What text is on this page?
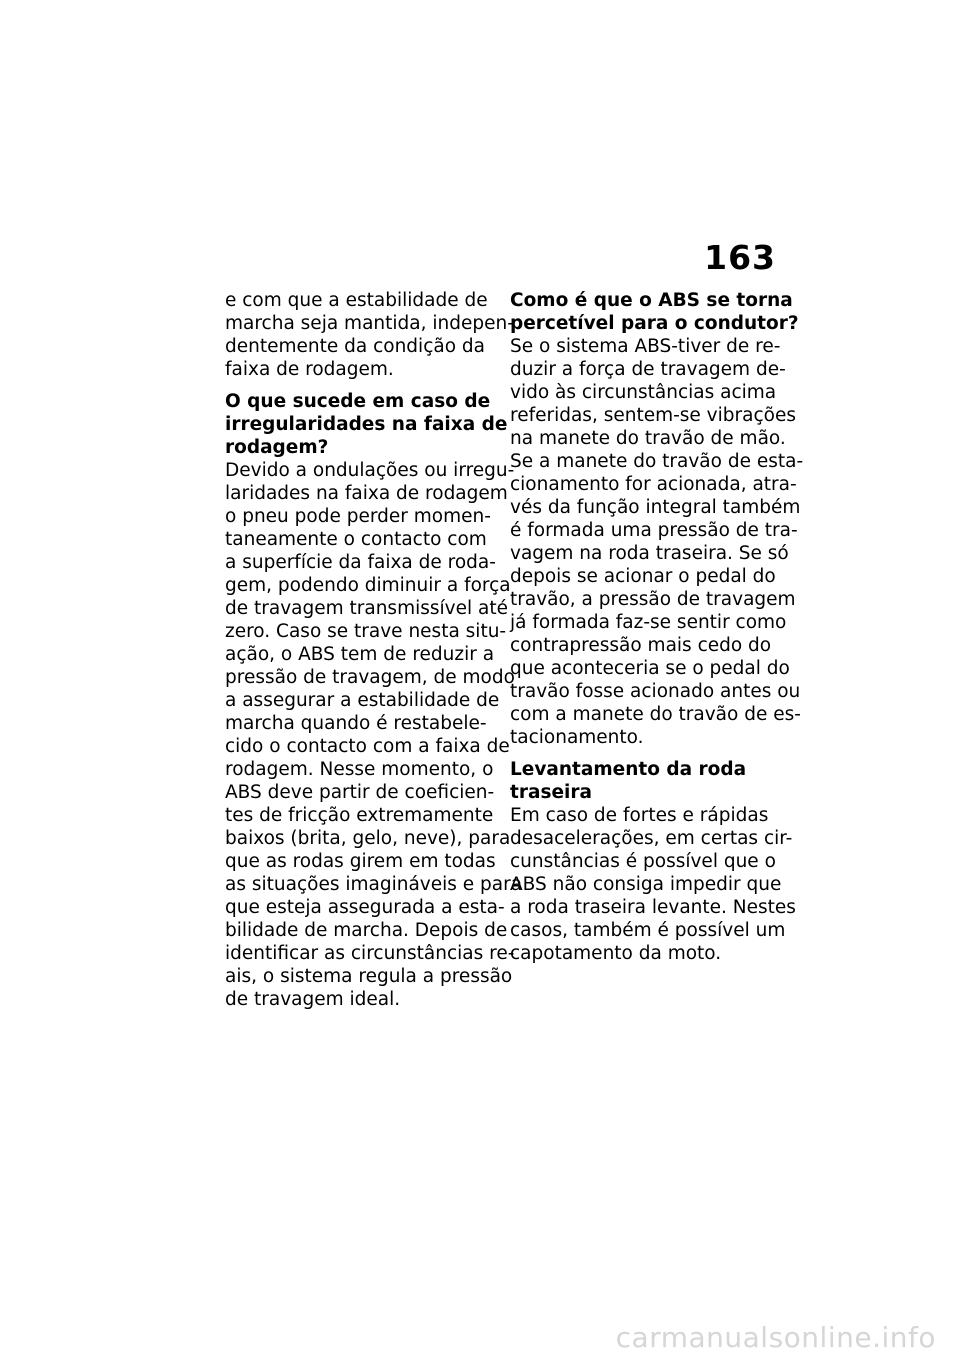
163
e com que a estabilidade de
marcha seja mantida, indepen-
dentemente da condição da
faixa de rodagem.
O que sucede em caso de
irregularidades na faixa de
rodagem?
Devido a ondulações ou irregu-
laridades na faixa de rodagem
o pneu pode perder momen-
taneamente o contacto com
a superfície da faixa de roda-
gem, podendo diminuir a força
de travagem transmissível até
zero. Caso se trave nesta situ-
ação, o ABS tem de reduzir a
pressão de travagem, de modo
a assegurar a estabilidade de
marcha quando é restabele-
cido o contacto com a faixa de
rodagem. Nesse momento, o
ABS deve partir de coeficien-
tes de fricção extremamente
baixos (brita, gelo, neve), para
que as rodas girem em todas
as situações imagináveis e para
que esteja assegurada a esta-
bilidade de marcha. Depois de
identificar as circunstâncias re-
ais, o sistema regula a pressão
de travagem ideal.
Como é que o ABS se torna
percetível para o condutor?
Se o sistema ABS-tiver de re-
duzir a força de travagem de-
vido às circunstâncias acima
referidas, sentem-se vibrações
na manete do travão de mão.
Se a manete do travão de esta-
cionamento for acionada, atra-
vés da função integral também
é formada uma pressão de tra-
vagem na roda traseira. Se só
depois se acionar o pedal do
travão, a pressão de travagem
já formada faz-se sentir como
contrapressão mais cedo do
que aconteceria se o pedal do
travão fosse acionado antes ou
com a manete do travão de es-
tacionamento.
Levantamento da roda
traseira
Em caso de fortes e rápidas
desacelerações, em certas cir-
cunstâncias é possível que o
ABS não consiga impedir que
a roda traseira levante. Nestes
casos, também é possível um
capotamento da moto.
carmanualsonline.info
